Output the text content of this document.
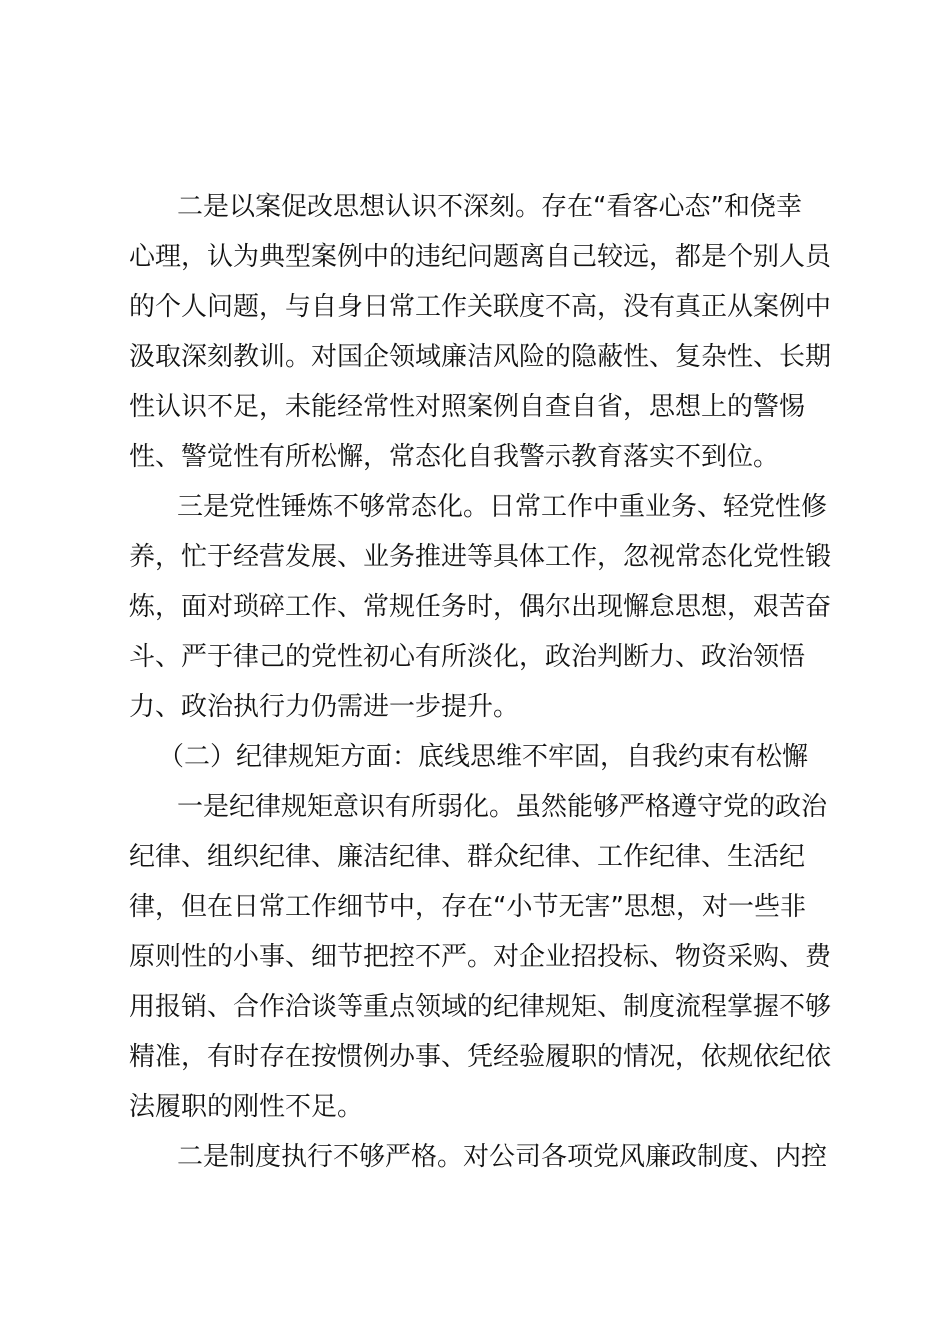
二是以案促改思想认识不深刻。存在“看客心态”和侥幸
心理，认为典型案例中的违纪问题离自己较远，都是个别人员
的个人问题，与自身日常工作关联度不高，没有真正从案例中
汲取深刻教训。对国企领域廉洁风险的隐蔽性、复杂性、长期
性认识不足，未能经常性对照案例自查自省，思想上的警惕
性、警觉性有所松懈，常态化自我警示教育落实不到位。
三是党性锤炼不够常态化。日常工作中重业务、轻党性修
养，忙于经营发展、业务推进等具体工作，忽视常态化党性锻
炼，面对琐碎工作、常规任务时，偶尔出现懈怠思想，艰苦奋
斗、严于律己的党性初心有所淡化，政治判断力、政治领悟
力、政治执行力仍需进一步提升。
（二）纪律规矩方面：底线思维不牢固，自我约束有松懈
一是纪律规矩意识有所弱化。虽然能够严格遵守党的政治
纪律、组织纪律、廉洁纪律、群众纪律、工作纪律、生活纪
律，但在日常工作细节中，存在“小节无害”思想，对一些非
原则性的小事、细节把控不严。对企业招投标、物资采购、费
用报销、合作洽谈等重点领域的纪律规矩、制度流程掌握不够
精准，有时存在按惯例办事、凭经验履职的情况，依规依纪依
法履职的刚性不足。
二是制度执行不够严格。对公司各项党风廉政制度、内控
